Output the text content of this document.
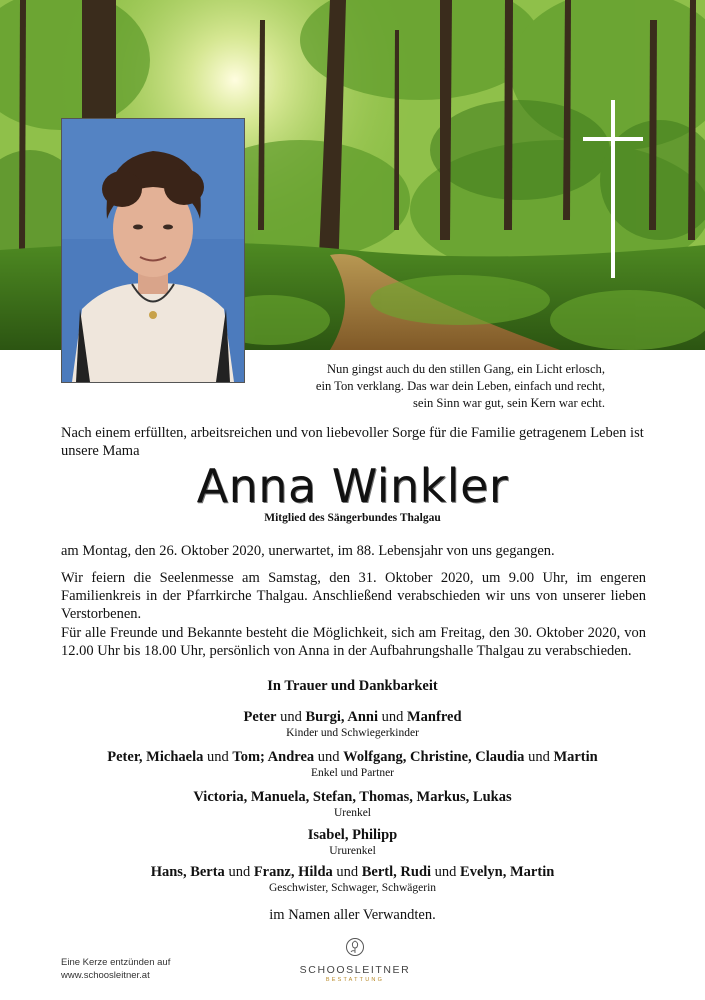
Nun gingst auch du den stillen Gang, ein Licht erlosch,
ein Ton verklang. Das war dein Leben, einfach und recht,
sein Sinn war gut, sein Kern war echt.
Nach einem erfüllten, arbeitsreichen und von liebevoller Sorge für die Familie getragenem Leben ist unsere Mama
Anna Winkler
Mitglied des Sängerbundes Thalgau
am Montag, den 26. Oktober 2020, unerwartet, im 88. Lebensjahr von uns gegangen.
Wir feiern die Seelenmesse am Samstag, den 31. Oktober 2020, um 9.00 Uhr, im engeren Familienkreis in der Pfarrkirche Thalgau. Anschließend verabschieden wir uns von unserer lieben Verstorbenen.
Für alle Freunde und Bekannte besteht die Möglichkeit, sich am Freitag, den 30. Oktober 2020, von 12.00 Uhr bis 18.00 Uhr, persönlich von Anna in der Aufbahrungshalle Thalgau zu verabschieden.
In Trauer und Dankbarkeit
Peter und Burgi, Anni und Manfred
Kinder und Schwiegerkinder
Peter, Michaela und Tom; Andrea und Wolfgang, Christine, Claudia und Martin
Enkel und Partner
Victoria, Manuela, Stefan, Thomas, Markus, Lukas
Urenkel
Isabel, Philipp
Ururenkel
Hans, Berta und Franz, Hilda und Bertl, Rudi und Evelyn, Martin
Geschwister, Schwager, Schwägerin
im Namen aller Verwandten.
Eine Kerze entzünden auf
www.schoosleitner.at	SCHOOSLEITNER
BESTATTUNG
